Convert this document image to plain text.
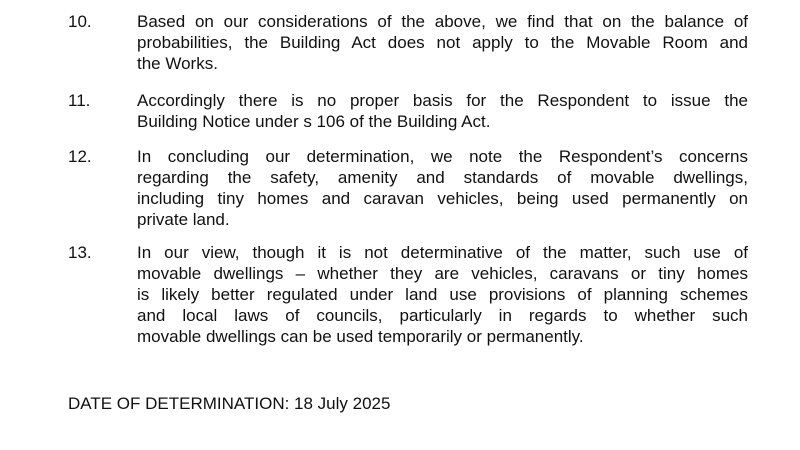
10.	Based on our considerations of the above, we find that on the balance of
probabilities, the Building Act does not apply to the Movable Room and
the Works.
11.	Accordingly there is no proper basis for the Respondent to issue the
Building Notice under s 106 of the Building Act.
12.	In concluding our determination, we note the Respondent’s concerns
regarding the safety, amenity and standards of movable dwellings,
including tiny homes and caravan vehicles, being used permanently on
private land.
13.	In our view, though it is not determinative of the matter, such use of
movable dwellings – whether they are vehicles, caravans or tiny homes
is likely better regulated under land use provisions of planning schemes
and local laws of councils, particularly in regards to whether such
movable dwellings can be used temporarily or permanently.
DATE OF DETERMINATION: 18 July 2025
